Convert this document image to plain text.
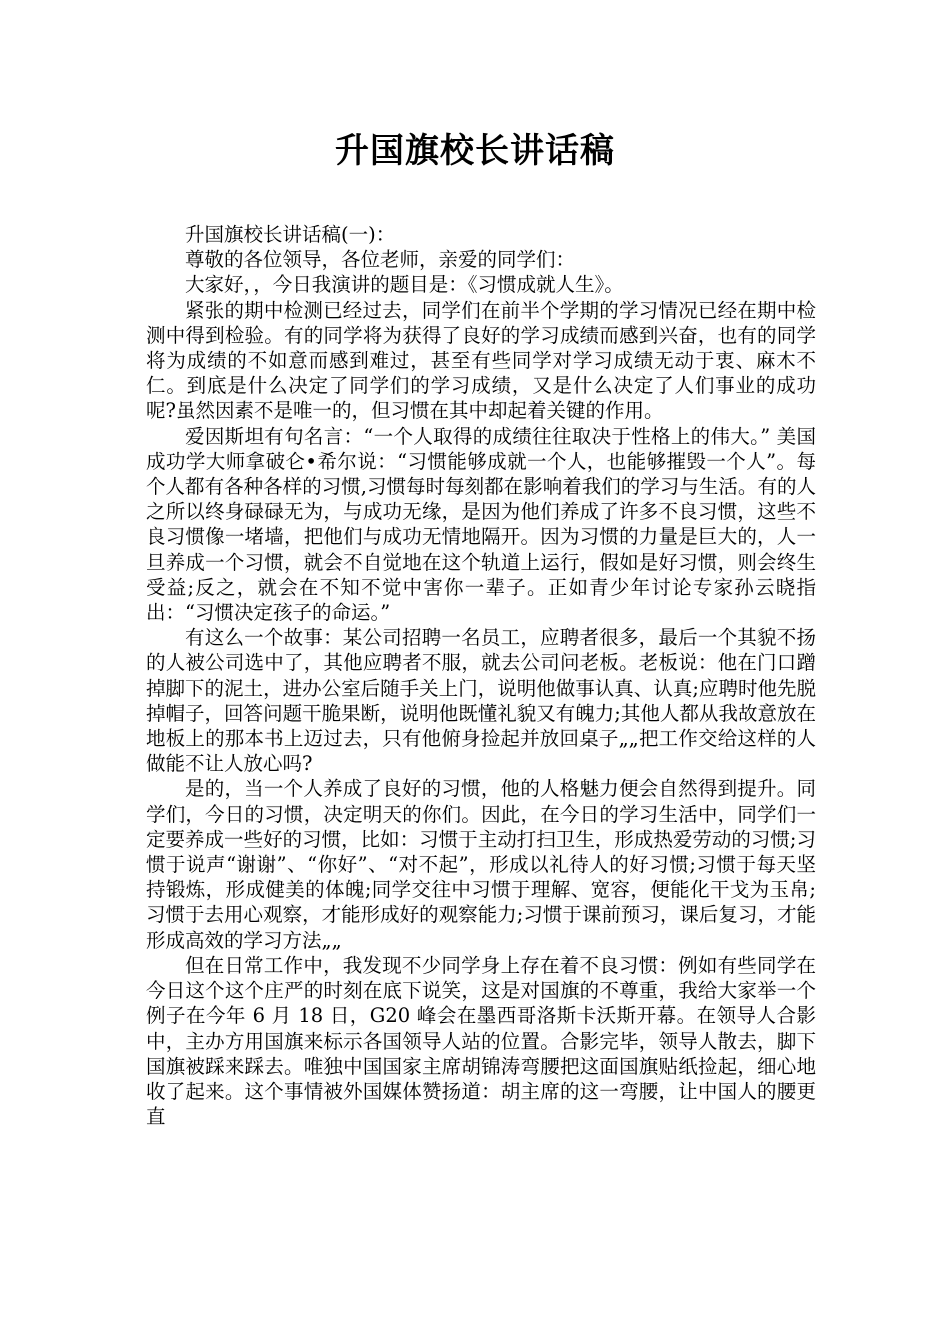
升国旗校长讲话稿

升国旗校长讲话稿(一)：

尊敬的各位领导，各位老师，亲爱的同学们：

大家好，，今日我演讲的题目是：《习惯成就人生》。

紧张的期中检测已经过去，同学们在前半个学期的学习情况已经在期中检测中得到检验。有的同学将为获得了良好的学习成绩而感到兴奋，也有的同学将为成绩的不如意而感到难过，甚至有些同学对学习成绩无动于衷、麻木不仁。到底是什么决定了同学们的学习成绩，又是什么决定了人们事业的成功呢?虽然因素不是唯一的，但习惯在其中却起着关键的作用。

爱因斯坦有句名言：“一个人取得的成绩往往取决于性格上的伟大。” 美国成功学大师拿破仑•希尔说：“习惯能够成就一个人，也能够摧毁一个人”。每个人都有各种各样的习惯,习惯每时每刻都在影响着我们的学习与生活。有的人之所以终身碌碌无为，与成功无缘，是因为他们养成了许多不良习惯，这些不良习惯像一堵墙，把他们与成功无情地隔开。因为习惯的力量是巨大的，人一旦养成一个习惯，就会不自觉地在这个轨道上运行，假如是好习惯，则会终生受益;反之，就会在不知不觉中害你一辈子。正如青少年讨论专家孙云晓指出：“习惯决定孩子的命运。”

有这么一个故事：某公司招聘一名员工，应聘者很多，最后一个其貌不扬的人被公司选中了，其他应聘者不服，就去公司问老板。老板说：他在门口蹭掉脚下的泥土，进办公室后随手关上门，说明他做事认真、认真;应聘时他先脱掉帽子，回答问题干脆果断，说明他既懂礼貌又有魄力;其他人都从我故意放在地板上的那本书上迈过去，只有他俯身捡起并放回桌子„„把工作交给这样的人做能不让人放心吗?

是的，当一个人养成了良好的习惯，他的人格魅力便会自然得到提升。同学们，今日的习惯，决定明天的你们。因此，在今日的学习生活中，同学们一定要养成一些好的习惯，比如：习惯于主动打扫卫生，形成热爱劳动的习惯;习惯于说声“谢谢”、“你好”、“对不起”，形成以礼待人的好习惯;习惯于每天坚持锻炼，形成健美的体魄;同学交往中习惯于理解、宽容，便能化干戈为玉帛;习惯于去用心观察，才能形成好的观察能力;习惯于课前预习，课后复习，才能形成高效的学习方法„„

但在日常工作中，我发现不少同学身上存在着不良习惯：例如有些同学在今日这个这个庄严的时刻在底下说笑，这是对国旗的不尊重，我给大家举一个例子在今年 6 月 18 日，G20 峰会在墨西哥洛斯卡沃斯开幕。在领导人合影中，主办方用国旗来标示各国领导人站的位置。合影完毕，领导人散去，脚下国旗被踩来踩去。唯独中国国家主席胡锦涛弯腰把这面国旗贴纸捡起，细心地收了起来。这个事情被外国媒体赞扬道：胡主席的这一弯腰，让中国人的腰更直
